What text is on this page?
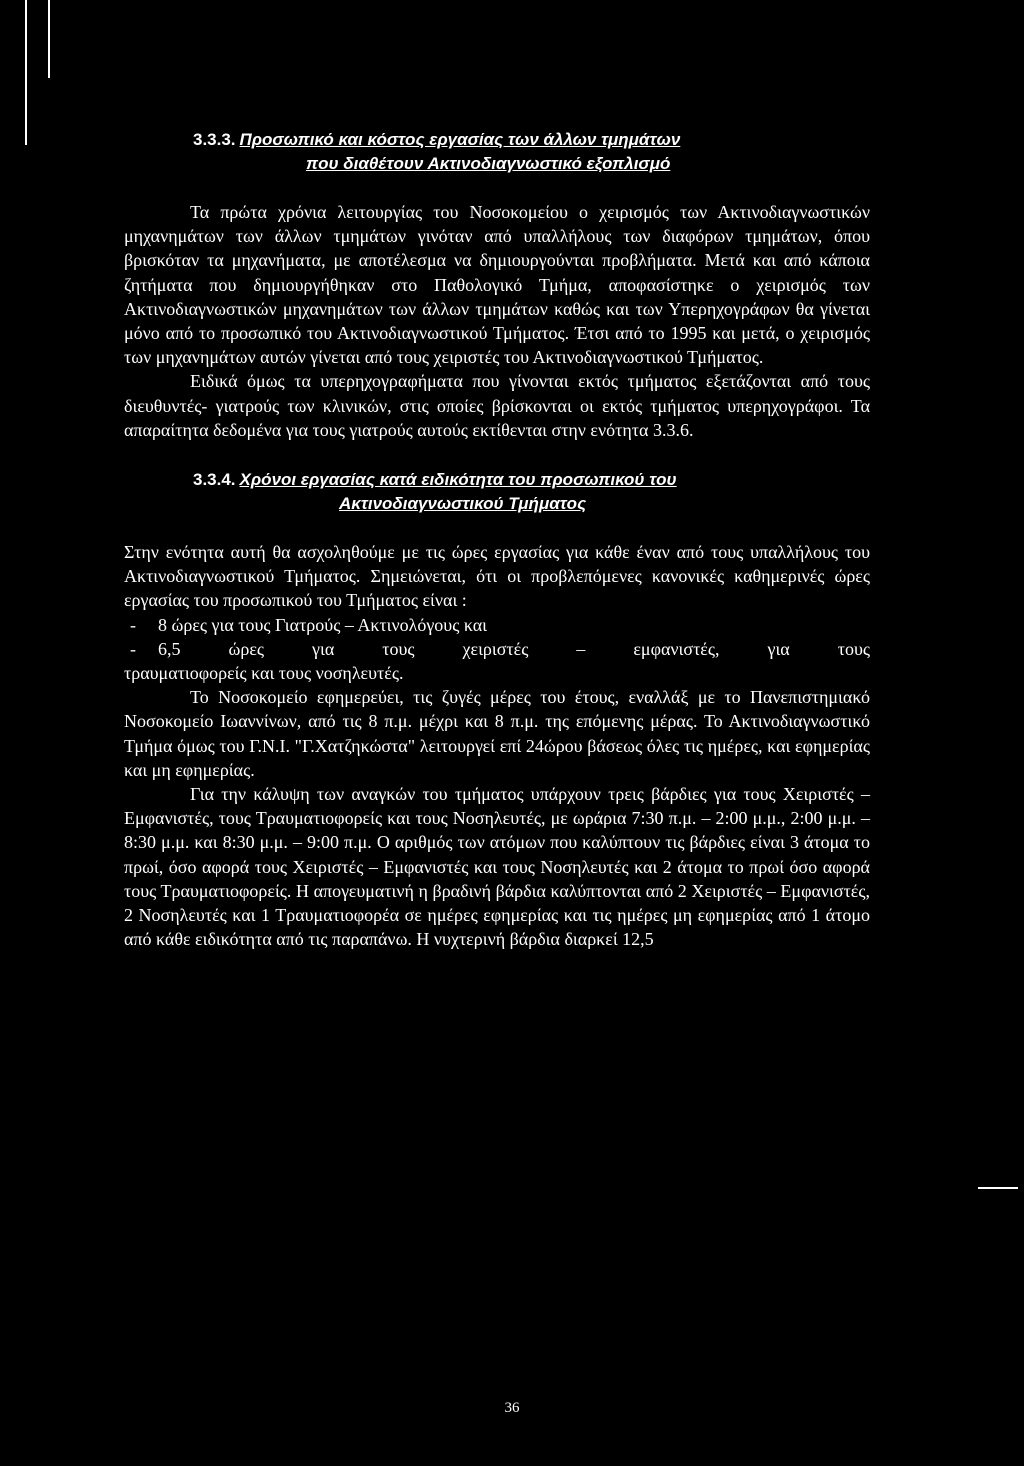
3.3.3. Προσωπικό και κόστος εργασίας των άλλων τμημάτων
που διαθέτουν Ακτινοδιαγνωστικό εξοπλισμό

Τα πρώτα χρόνια λειτουργίας του Νοσοκομείου ο χειρισμός των Ακτινοδιαγνωστικών μηχανημάτων των άλλων τμημάτων γινόταν από υπαλλήλους των διαφόρων τμημάτων, όπου βρισκόταν τα μηχανήματα, με αποτέλεσμα να δημιουργούνται προβλήματα. Μετά και από κάποια ζητήματα που δημιουργήθηκαν στο Παθολογικό Τμήμα, αποφασίστηκε ο χειρισμός των Ακτινοδιαγνωστικών μηχανημάτων των άλλων τμημάτων καθώς και των Υπερηχογράφων θα γίνεται μόνο από το προσωπικό του Ακτινοδιαγνωστικού Τμήματος. Έτσι από το 1995 και μετά, ο χειρισμός των μηχανημάτων αυτών γίνεται από τους χειριστές του Ακτινοδιαγνωστικού Τμήματος.

Ειδικά όμως τα υπερηχογραφήματα που γίνονται εκτός τμήματος εξετάζονται από τους διευθυντές- γιατρούς των κλινικών, στις οποίες βρίσκονται οι εκτός τμήματος υπερηχογράφοι. Τα απαραίτητα δεδομένα για τους γιατρούς αυτούς εκτίθενται στην ενότητα 3.3.6.

3.3.4. Χρόνοι εργασίας κατά ειδικότητα του προσωπικού του
Ακτινοδιαγνωστικού Τμήματος

Στην ενότητα αυτή θα ασχοληθούμε με τις ώρες εργασίας για κάθε έναν από τους υπαλλήλους του Ακτινοδιαγνωστικού Τμήματος. Σημειώνεται, ότι οι προβλεπόμενες κανονικές καθημερινές ώρες εργασίας του προσωπικού του Τμήματος είναι :

-	8 ώρες για τους Γιατρούς – Ακτινολόγους και
-	6,5 ώρες για τους χειριστές – εμφανιστές, για τους

τραυματιοφορείς και τους νοσηλευτές.

Το Νοσοκομείο εφημερεύει, τις ζυγές μέρες του έτους, εναλλάξ με το Πανεπιστημιακό Νοσοκομείο Ιωαννίνων, από τις 8 π.μ. μέχρι και 8 π.μ. της επόμενης μέρας. Το Ακτινοδιαγνωστικό Τμήμα όμως του Γ.Ν.Ι. "Γ.Χατζηκώστα" λειτουργεί επί 24ώρου βάσεως όλες τις ημέρες, και εφημερίας και μη εφημερίας.

Για την κάλυψη των αναγκών του τμήματος υπάρχουν τρεις βάρδιες για τους Χειριστές – Εμφανιστές, τους Τραυματιοφορείς και τους Νοσηλευτές, με ωράρια 7:30 π.μ. – 2:00 μ.μ., 2:00 μ.μ. – 8:30 μ.μ. και 8:30 μ.μ. – 9:00 π.μ. Ο αριθμός των ατόμων που καλύπτουν τις βάρδιες είναι 3 άτομα το πρωί, όσο αφορά τους Χειριστές – Εμφανιστές και τους Νοσηλευτές και 2 άτομα το πρωί όσο αφορά τους Τραυματιοφορείς. Η απογευματινή η βραδινή βάρδια καλύπτονται από 2 Χειριστές – Εμφανιστές, 2 Νοσηλευτές και 1 Τραυματιοφορέα σε ημέρες εφημερίας και τις ημέρες μη εφημερίας από 1 άτομο από κάθε ειδικότητα από τις παραπάνω. Η νυχτερινή βάρδια διαρκεί 12,5

36
